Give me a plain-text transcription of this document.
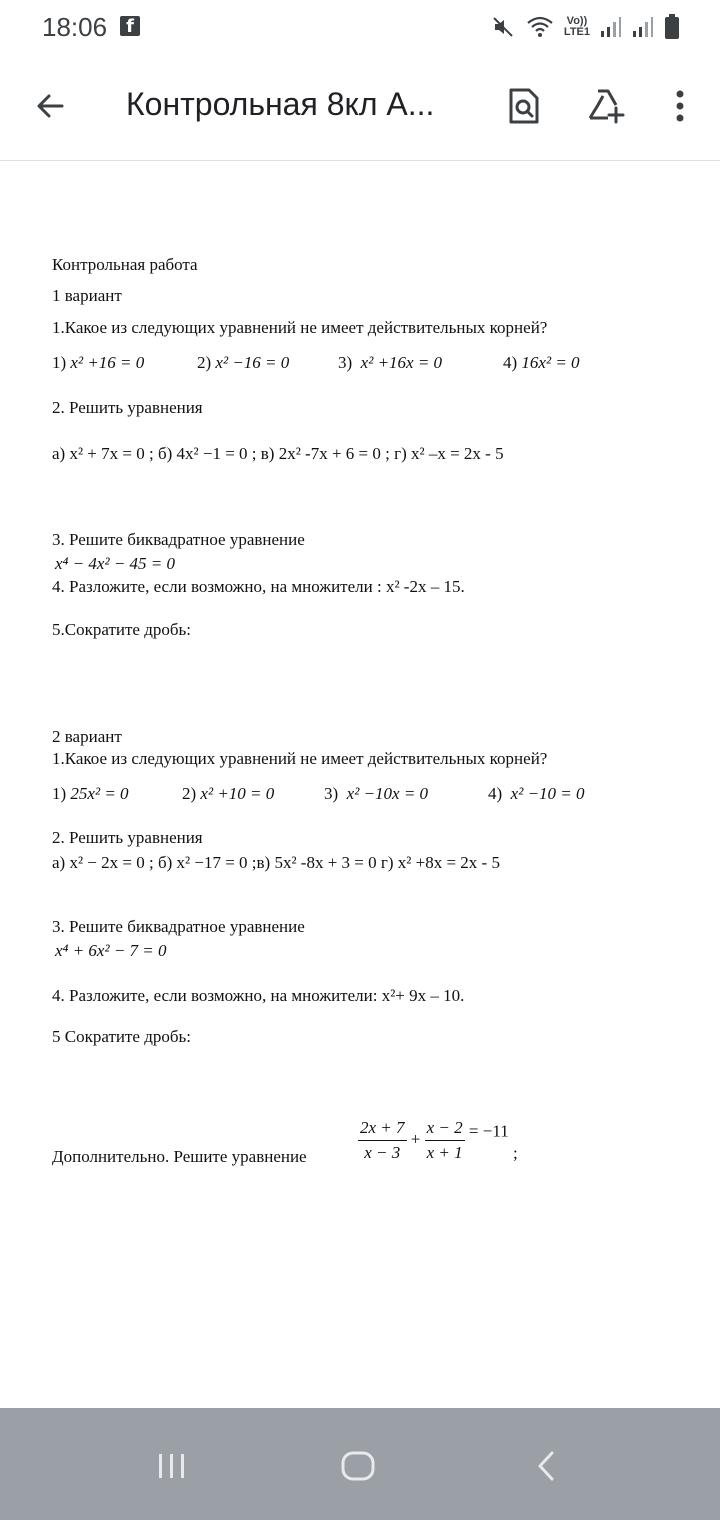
18:06	f	Vo))
LTE1
Контрольная 8кл А...
Контрольная работа
1 вариант
1.Какое из следующих уравнений не имеет действительных корней?
1) x² +16 = 0	2) x² −16 = 0	3) x² +16x = 0	4) 16x² = 0
2. Решить уравнения
а) x² + 7x = 0 ; б) 4x² −1 = 0 ; в) 2x² -7x + 6 = 0 ; г) x² –x = 2x - 5
3. Решите биквадратное уравнение
x⁴ − 4x² − 45 = 0
4. Разложите, если возможно, на множители : x² -2x – 15.
5.Сократите дробь:
2 вариант
1.Какое из следующих уравнений не имеет действительных корней?
1) 25x² = 0	2) x² +10 = 0	3) x² −10x = 0	4) x² −10 = 0
2. Решить уравнения
а) x² − 2x = 0 ; б) x² −17 = 0 ;в) 5x² -8x + 3 = 0 г) x² +8x = 2x - 5
3. Решите биквадратное уравнение
x⁴ + 6x² − 7 = 0
4. Разложите, если возможно, на множители: x²+ 9x – 10.
5 Сократите дробь:
Дополнительно. Решите уравнение	$\frac{2x + 7}{x - 3} + \frac{x - 2}{x + 1} = -11$ ;
